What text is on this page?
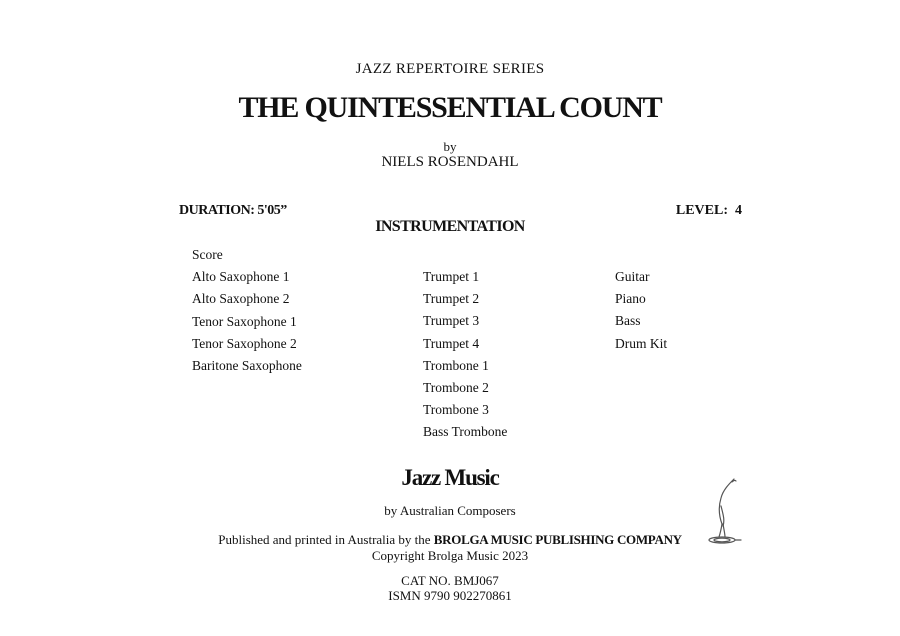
JAZZ REPERTOIRE SERIES
THE QUINTESSENTIAL COUNT
by
NIELS ROSENDAHL
DURATION: 5'05”	LEVEL:  4
INSTRUMENTATION
Score
Alto Saxophone 1
Alto Saxophone 2
Tenor Saxophone 1
Tenor Saxophone 2
Baritone Saxophone
Trumpet 1
Trumpet 2
Trumpet 3
Trumpet 4
Trombone 1
Trombone 2
Trombone 3
Bass Trombone
Guitar
Piano
Bass
Drum Kit
Jazz Music
by Australian Composers
Published and printed in Australia by the BROLGA MUSIC PUBLISHING COMPANY
Copyright Brolga Music 2023
CAT NO. BMJ067
ISMN 9790 902270861
